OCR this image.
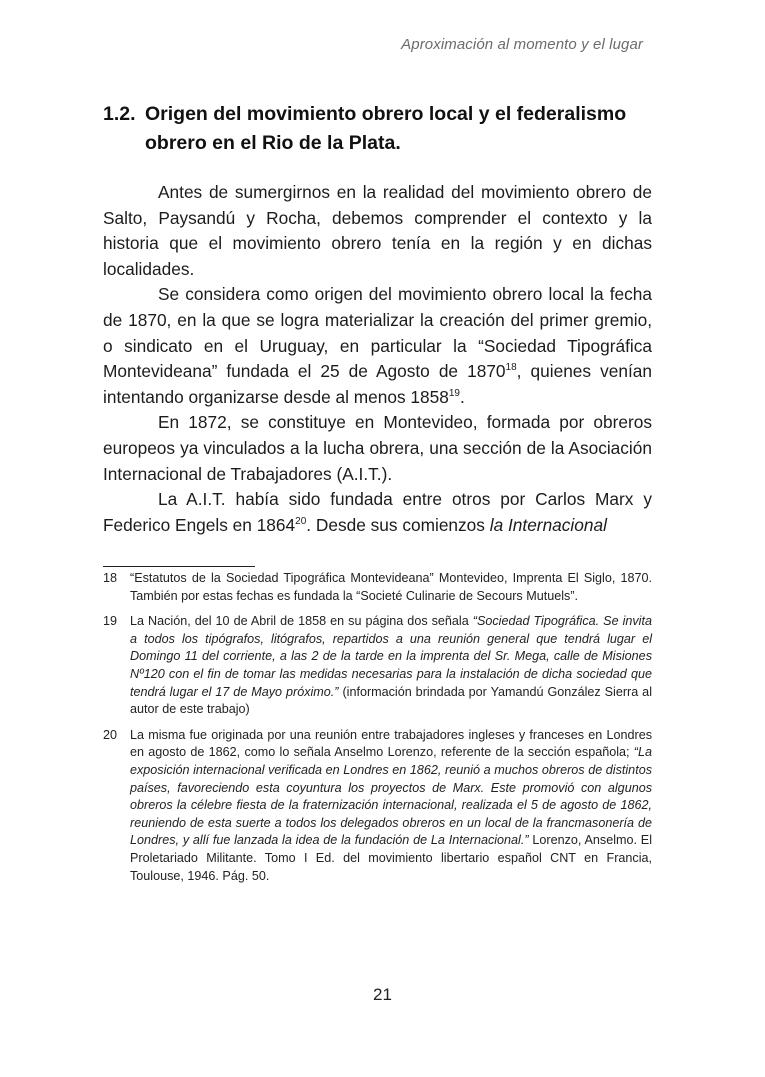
Aproximación al momento y el lugar
1.2. Origen del movimiento obrero local y el federalismo
obrero en el Rio de la Plata.

Antes de sumergirnos en la realidad del movimiento obrero de Salto, Paysandú y Rocha, debemos comprender el contexto y la historia que el movimiento obrero tenía en la región y en dichas localidades.

Se considera como origen del movimiento obrero local la fecha de 1870, en la que se logra materializar la creación del primer gremio, o sindicato en el Uruguay, en particular la “Sociedad Tipográfica Montevideana” fundada el 25 de Agosto de 1870$^{18}$, quienes venían intentando organizarse desde al menos 1858$^{19}$.

En 1872, se constituye en Montevideo, formada por obreros europeos ya vinculados a la lucha obrera, una sección de la Asociación Internacional de Trabajadores (A.I.T.).

La A.I.T. había sido fundada entre otros por Carlos Marx y Federico Engels en 1864$^{20}$. Desde sus comienzos la Internacional

18	“Estatutos de la Sociedad Tipográfica Montevideana” Montevideo, Imprenta El Siglo, 1870. También por estas fechas es fundada la “Societé Culinarie de Secours Mutuels”.
19	La Nación, del 10 de Abril de 1858 en su página dos señala “Sociedad Tipográfica. Se invita a todos los tipógrafos, litógrafos, repartidos a una reunión general que tendrá lugar el Domingo 11 del corriente, a las 2 de la tarde en la imprenta del Sr. Mega, calle de Misiones Nº120 con el fin de tomar las medidas necesarias para la instalación de dicha sociedad que tendrá lugar el 17 de Mayo próximo.” (información brindada por Yamandú González Sierra al autor de este trabajo)
20	La misma fue originada por una reunión entre trabajadores ingleses y franceses en Londres en agosto de 1862, como lo señala Anselmo Lorenzo, referente de la sección española; “La exposición internacional verificada en Londres en 1862, reunió a muchos obreros de distintos países, favoreciendo esta coyuntura los proyectos de Marx. Este promovió con algunos obreros la célebre fiesta de la fraternización internacional, realizada el 5 de agosto de 1862, reuniendo de esta suerte a todos los delegados obreros en un local de la francmasonería de Londres, y allí fue lanzada la idea de la fundación de La Internacional.” Lorenzo, Anselmo. El Proletariado Militante. Tomo I Ed. del movimiento libertario español CNT en Francia, Toulouse, 1946. Pág. 50.
21
